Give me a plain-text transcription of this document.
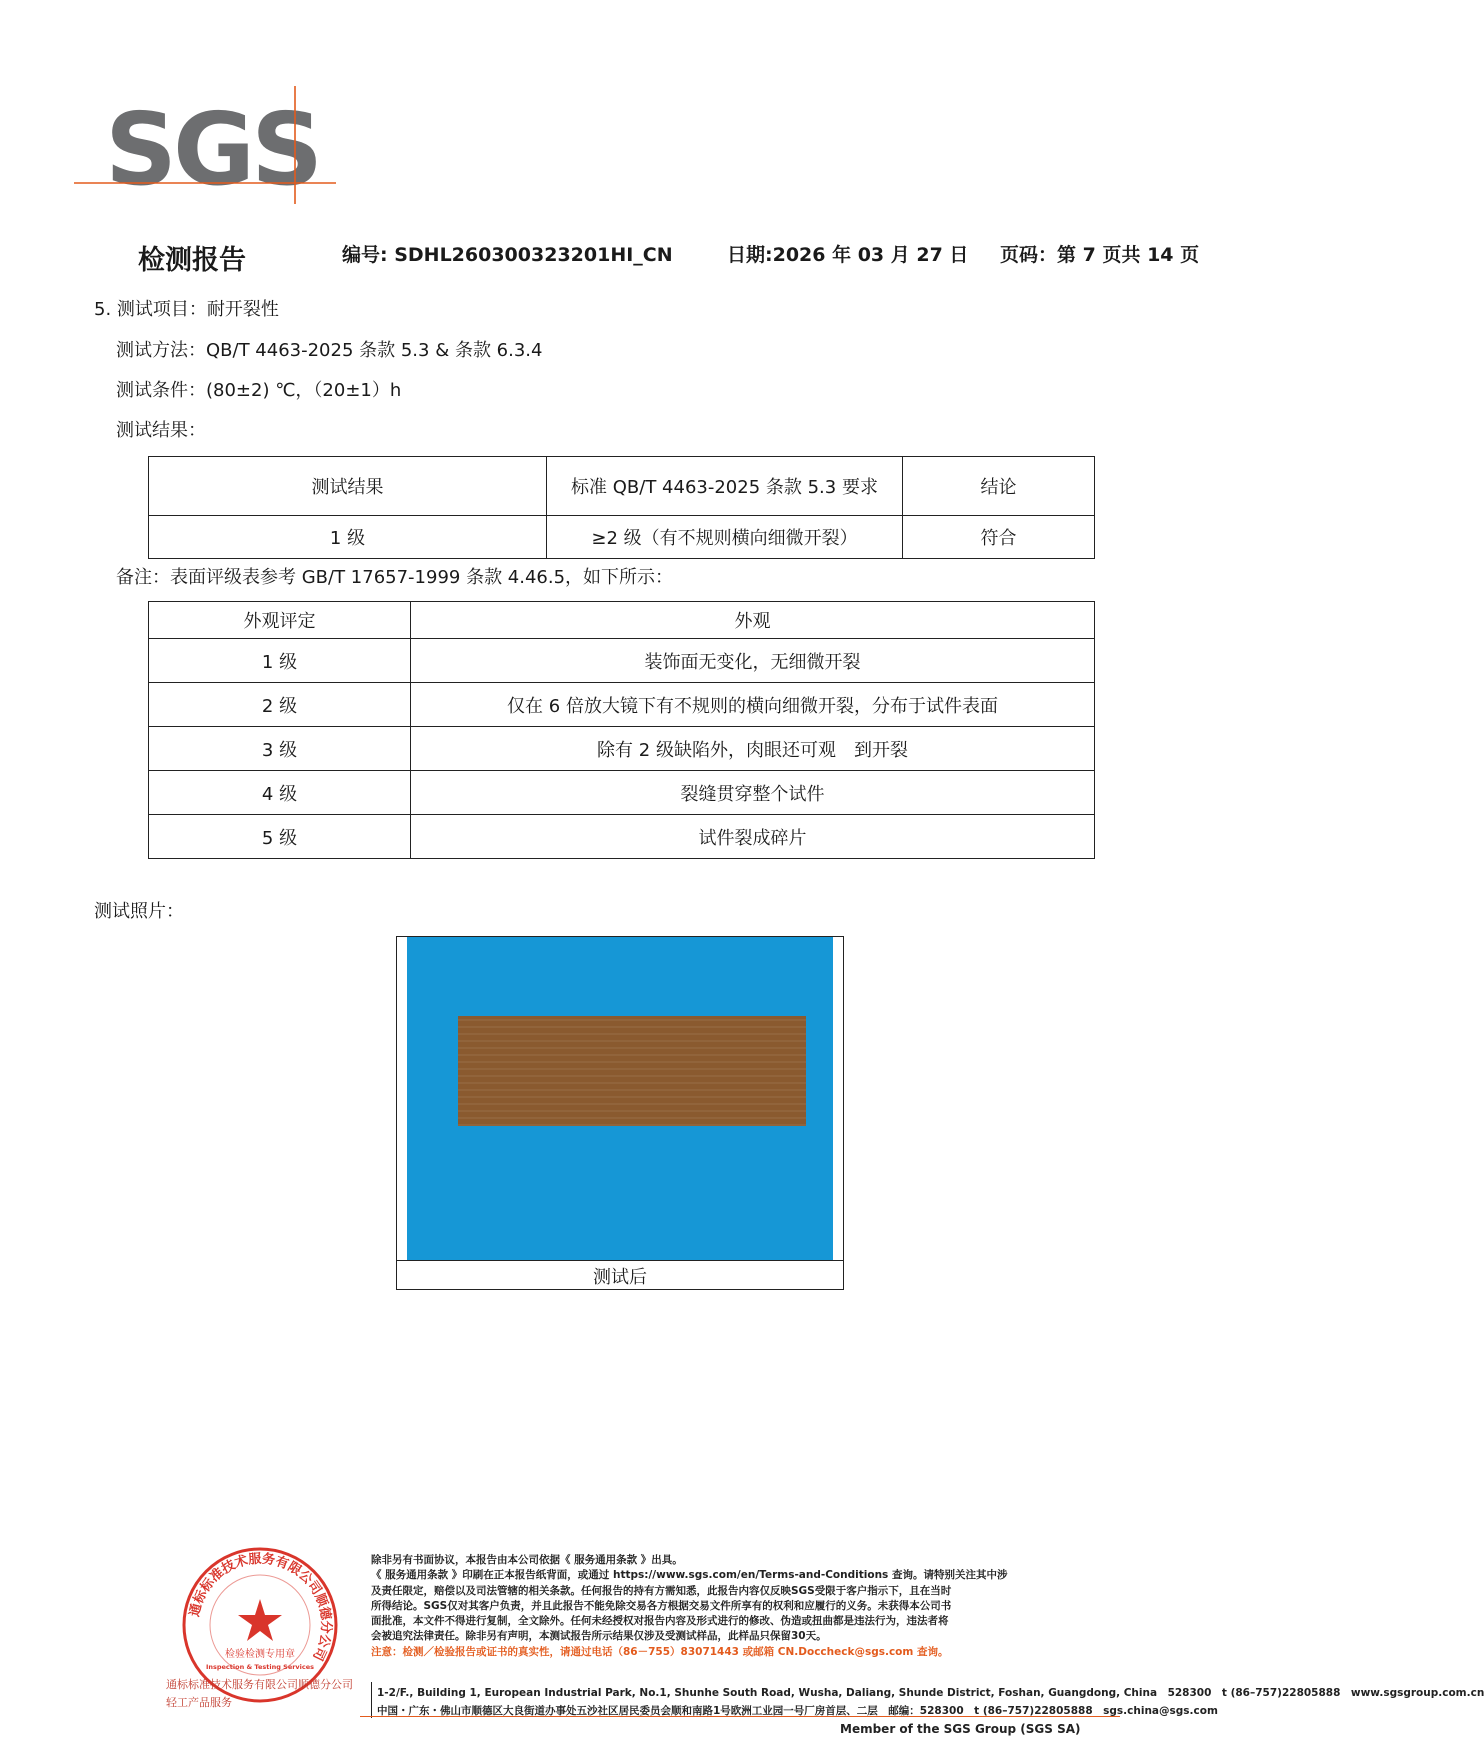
SGS
检测报告	编号: SDHL260300323201HI_CN	日期:2026 年 03 月 27 日 页码：第 7 页共 14 页
5. 测试项目：耐开裂性
测试方法：QB/T 4463-2025 条款 5.3 & 条款 6.3.4
测试条件：(80±2) ℃，（20±1）h
测试结果：
测试结果	标准 QB/T 4463-2025 条款 5.3 要求	结论
1 级	≥2 级（有不规则横向细微开裂）	符合
备注：表面评级表参考 GB/T 17657-1999 条款 4.46.5，如下所示：
外观评定	外观
1 级	装饰面无变化，无细微开裂
2 级	仅在 6 倍放大镜下有不规则的横向细微开裂，分布于试件表面
3 级	除有 2 级缺陷外，肉眼还可观　到开裂
4 级	裂缝贯穿整个试件
5 级	试件裂成碎片
测试照片：
测试后
通标标准技术服务有限公司顺德分公司
检验检测专用章
Inspection & Testing Services
通标标准技术服务有限公司顺德分公司
轻工产品服务
除非另有书面协议，本报告由本公司依据《 服务通用条款 》出具。
《 服务通用条款 》印刷在正本报告纸背面，或通过 https://www.sgs.com/en/Terms-and-Conditions 查询。请特别关注其中涉
及责任限定，赔偿以及司法管辖的相关条款。任何报告的持有方需知悉，此报告内容仅反映SGS受限于客户指示下，且在当时
所得结论。SGS仅对其客户负责，并且此报告不能免除交易各方根据交易文件所享有的权利和应履行的义务。未获得本公司书
面批准，本文件不得进行复制，全文除外。任何未经授权对报告内容及形式进行的修改、伪造或扭曲都是违法行为，违法者将
会被追究法律责任。除非另有声明，本测试报告所示结果仅涉及受测试样品，此样品只保留30天。
注意：检测／检验报告或证书的真实性，请通过电话（86－755）83071443 或邮箱 CN.Doccheck@sgs.com 查询。
1-2/F., Building 1, European Industrial Park, No.1, Shunhe South Road, Wusha, Daliang, Shunde District, Foshan, Guangdong, China　528300　t (86–757)22805888　www.sgsgroup.com.cn
中国・广东・佛山市顺德区大良街道办事处五沙社区居民委员会顺和南路1号欧洲工业园一号厂房首层、二层　邮编：528300　t (86–757)22805888　sgs.china@sgs.com
Member of the SGS Group (SGS SA)
